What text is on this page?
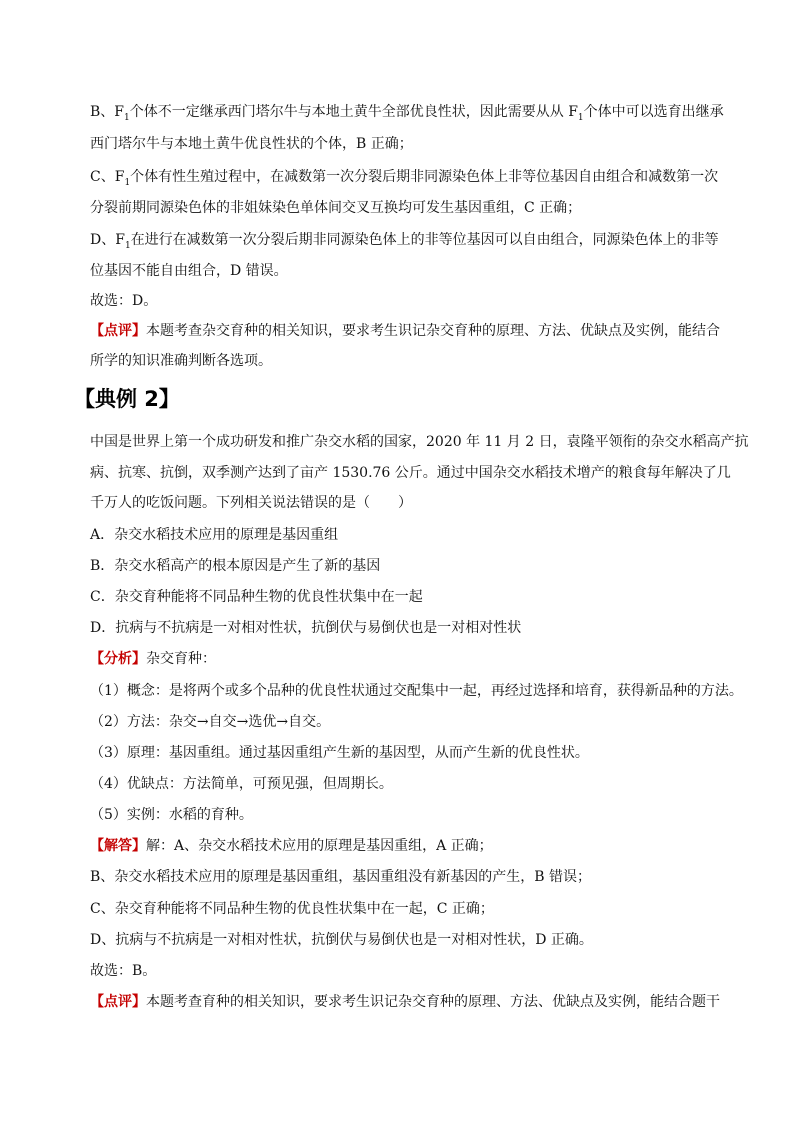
B、$F_1$个体不一定继承西门塔尔牛与本地土黄牛全部优良性状，因此需要从从 $F_1$个体中可以选育出继承
西门塔尔牛与本地土黄牛优良性状的个体，B 正确；
C、$F_1$个体有性生殖过程中，在减数第一次分裂后期非同源染色体上非等位基因自由组合和减数第一次
分裂前期同源染色体的非姐妹染色单体间交叉互换均可发生基因重组，C 正确；
D、$F_1$在进行在减数第一次分裂后期非同源染色体上的非等位基因可以自由组合，同源染色体上的非等
位基因不能自由组合，D 错误。
故选：D。
【点评】本题考查杂交育种的相关知识，要求考生识记杂交育种的原理、方法、优缺点及实例，能结合
所学的知识准确判断各选项。
【典例 2】
中国是世界上第一个成功研发和推广杂交水稻的国家，2020 年 11 月 2 日，袁隆平领衔的杂交水稻高产抗
病、抗寒、抗倒，双季测产达到了亩产 1530.76 公斤。通过中国杂交水稻技术增产的粮食每年解决了几
千万人的吃饭问题。下列相关说法错误的是（　　）
A．杂交水稻技术应用的原理是基因重组
B．杂交水稻高产的根本原因是产生了新的基因
C．杂交育种能将不同品种生物的优良性状集中在一起
D．抗病与不抗病是一对相对性状，抗倒伏与易倒伏也是一对相对性状
【分析】杂交育种：
（1）概念：是将两个或多个品种的优良性状通过交配集中一起，再经过选择和培育，获得新品种的方法。
（2）方法：杂交→自交→选优→自交。
（3）原理：基因重组。通过基因重组产生新的基因型，从而产生新的优良性状。
（4）优缺点：方法简单，可预见强，但周期长。
（5）实例：水稻的育种。
【解答】解：A、杂交水稻技术应用的原理是基因重组，A 正确；
B、杂交水稻技术应用的原理是基因重组，基因重组没有新基因的产生，B 错误；
C、杂交育种能将不同品种生物的优良性状集中在一起，C 正确；
D、抗病与不抗病是一对相对性状，抗倒伏与易倒伏也是一对相对性状，D 正确。
故选：B。
【点评】本题考查育种的相关知识，要求考生识记杂交育种的原理、方法、优缺点及实例，能结合题干
